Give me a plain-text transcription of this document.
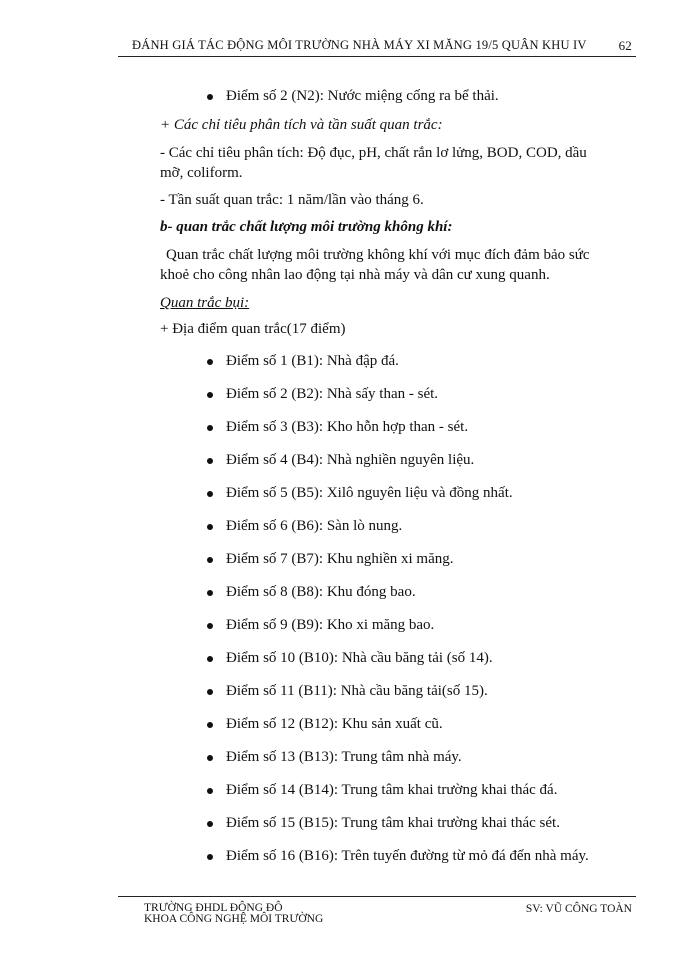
ĐÁNH GIÁ TÁC ĐỘNG MÔI TRƯỜNG NHÀ MÁY XI MĂNG 19/5 QUÂN KHU IV 62
Điểm số 2 (N2): Nước miệng cống ra bể thải.
+ Các chỉ tiêu phân tích và tần suất quan trắc:
- Các chỉ tiêu phân tích: Độ đục, pH, chất rắn lơ lửng, BOD, COD, dầu
mỡ, coliform.
- Tần suất quan trắc: 1 năm/lần vào tháng 6.
b- quan trắc chất lượng môi trường không khí:
Quan trắc chất lượng môi trường không khí với mục đích đảm bảo sức
khoẻ cho công nhân lao động tại nhà máy và dân cư xung quanh.
Quan trắc bụi:
+ Địa điểm quan trắc(17 điểm)
Điểm số 1 (B1): Nhà đập đá.
Điểm số 2 (B2): Nhà sấy than - sét.
Điểm số 3 (B3): Kho hỗn hợp than - sét.
Điểm số 4 (B4): Nhà nghiền nguyên liệu.
Điểm số 5 (B5): Xilô nguyên liệu và đồng nhất.
Điểm số 6 (B6): Sàn lò nung.
Điểm số 7 (B7): Khu nghiền xi măng.
Điểm số 8 (B8): Khu đóng bao.
Điểm số 9 (B9): Kho xi măng bao.
Điểm số 10 (B10): Nhà cầu băng tải (số 14).
Điểm số 11 (B11): Nhà cầu băng tải(số 15).
Điểm số 12 (B12): Khu sản xuất cũ.
Điểm số 13 (B13): Trung tâm nhà máy.
Điểm số 14 (B14): Trung tâm khai trường khai thác đá.
Điểm số 15 (B15): Trung tâm khai trường khai thác sét.
Điểm số 16 (B16): Trên tuyến đường từ mỏ đá đến nhà máy.
TRƯỜNG ĐHDL ĐÔNG ĐÔ
KHOA CÔNG NGHỆ MÔI TRƯỜNG
SV: VŨ CÔNG TOÀN
